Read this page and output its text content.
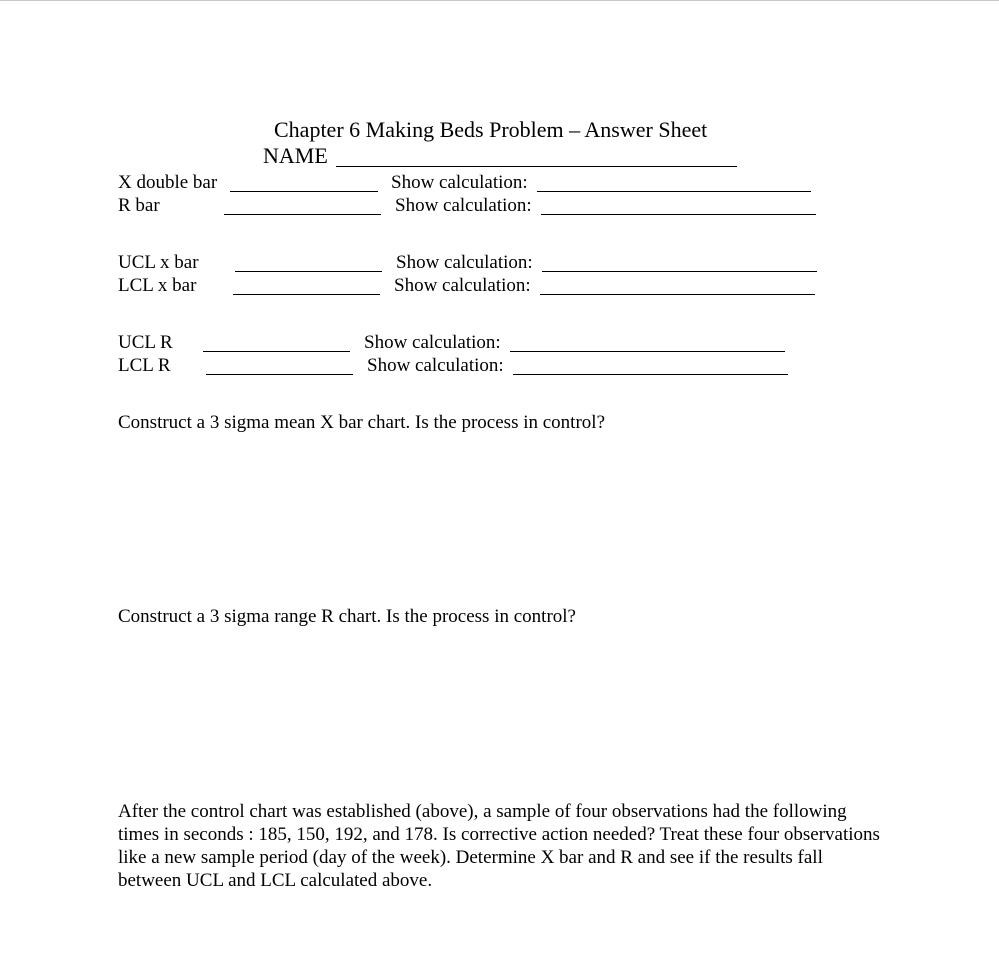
Chapter 6 Making Beds Problem – Answer Sheet
NAME
X double bar	Show calculation:
R bar	Show calculation:
UCL x bar	Show calculation:
LCL x bar	Show calculation:
UCL R	Show calculation:
LCL R	Show calculation:
Construct a 3 sigma mean X bar chart. Is the process in control?
Construct a 3 sigma range R chart. Is the process in control?
After the control chart was established (above), a sample of four observations had the following times in seconds : 185, 150, 192, and 178. Is corrective action needed? Treat these four observations like a new sample period (day of the week). Determine X bar and R and see if the results fall between UCL and LCL calculated above.
